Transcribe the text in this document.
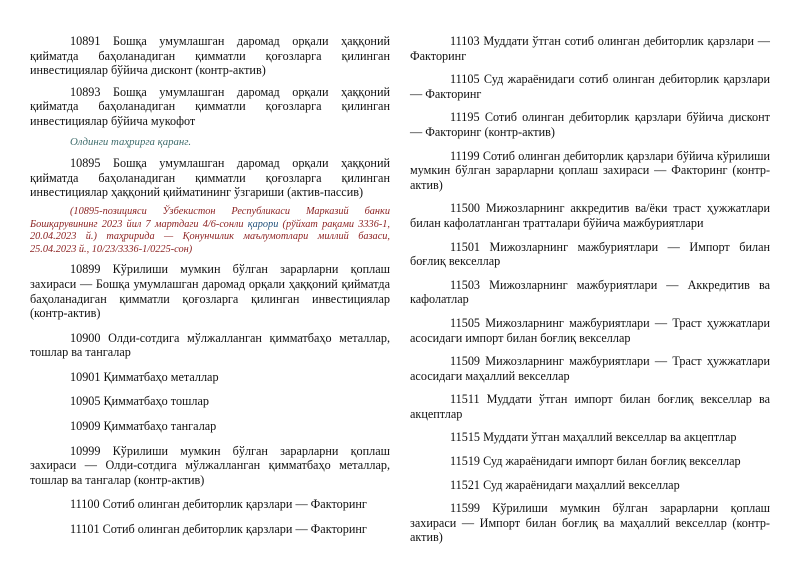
10891 Бошқа умумлашган даромад орқали ҳаққоний қийматда баҳоланадиган қимматли қоғозларга қилинган инвестициялар бўйича дисконт (контр-актив)

10893 Бошқа умумлашган даромад орқали ҳаққоний қийматда баҳоланадиган қимматли қоғозларга қилинган инвестициялар бўйича мукофот

Олдинги таҳрирга қаранг.

10895 Бошқа умумлашган даромад орқали ҳаққоний қийматда баҳоланадиган қимматли қоғозларга қилинган инвестициялар ҳаққоний қийматининг ўзгариши (актив-пассив)

(10895-позицияси Ўзбекистон Республикаси Марказий банки Бошқарувининг 2023 йил 7 мартдаги 4/6-сонли қарори (рўйхат рақами 3336-1, 20.04.2023 й.) таҳририда — Қонунчилик маълумотлари миллий базаси, 25.04.2023 й., 10/23/3336-1/0225-сон)

10899 Кўрилиши мумкин бўлган зарарларни қоплаш захираси — Бошқа умумлашган даромад орқали ҳаққоний қийматда баҳоланадиган қимматли қоғозларга қилинган инвестициялар (контр-актив)

10900 Олди-сотдига мўлжалланган қимматбаҳо металлар, тошлар ва тангалар

10901 Қимматбаҳо металлар

10905 Қимматбаҳо тошлар

10909 Қимматбаҳо тангалар

10999 Кўрилиши мумкин бўлган зарарларни қоплаш захираси — Олди-сотдига мўлжалланган қимматбаҳо металлар, тошлар ва тангалар (контр-актив)

11100 Сотиб олинган дебиторлик қарзлари — Факторинг

11101 Сотиб олинган дебиторлик қарзлари — Факторинг

11103 Муддати ўтган сотиб олинган дебиторлик қарзлари — Факторинг

11105 Суд жараёнидаги сотиб олинган дебиторлик қарзлари — Факторинг

11195 Сотиб олинган дебиторлик қарзлари бўйича дисконт — Факторинг (контр-актив)

11199 Сотиб олинган дебиторлик қарзлари бўйича кўрилиши мумкин бўлган зарарларни қоплаш захираси — Факторинг (контр-актив)

11500 Мижозларнинг аккредитив ва/ёки траст ҳужжатлари билан кафолатланган тратталари бўйича мажбуриятлари

11501 Мижозларнинг мажбуриятлари — Импорт билан боғлиқ векселлар

11503 Мижозларнинг мажбуриятлари — Аккредитив ва кафолатлар

11505 Мижозларнинг мажбуриятлари — Траст ҳужжатлари асосидаги импорт билан боғлиқ векселлар

11509 Мижозларнинг мажбуриятлари — Траст ҳужжатлари асосидаги маҳаллий векселлар

11511 Муддати ўтган импорт билан боғлиқ векселлар ва акцептлар

11515 Муддати ўтган маҳаллий векселлар ва акцептлар

11519 Суд жараёнидаги импорт билан боғлиқ векселлар

11521 Суд жараёнидаги маҳаллий векселлар

11599 Кўрилиши мумкин бўлган зарарларни қоплаш захираси — Импорт билан боғлиқ ва маҳаллий векселлар (контр-актив)
